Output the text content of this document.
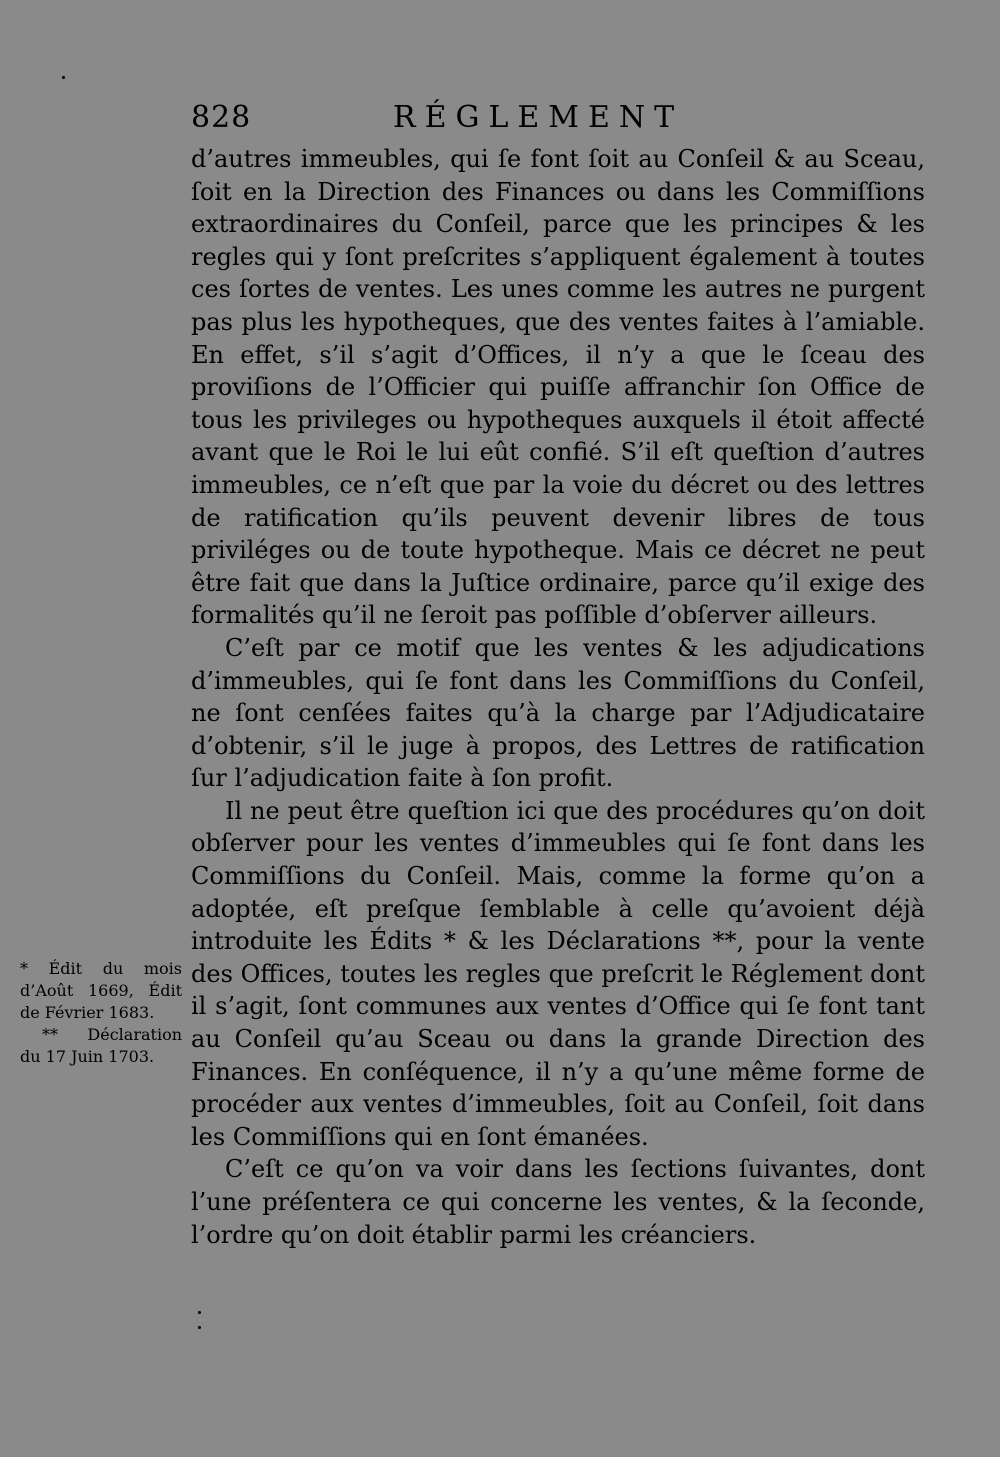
828	RÉGLEMENT

d’autres immeubles, qui ſe font ſoit au Conſeil & au Sceau, ſoit en la Direction des Finances ou dans les Commiſſions extraordinaires du Conſeil, parce que les principes & les regles qui y ſont preſcrites s’appliquent également à toutes ces ſortes de ventes. Les unes comme les autres ne purgent pas plus les hypotheques, que des ventes faites à l’amiable. En effet, s’il s’agit d’Offices, il n’y a que le ſceau des proviſions de l’Officier qui puiſſe affranchir ſon Office de tous les privileges ou hypotheques auxquels il étoit affecté avant que le Roi le lui eût confié. S’il eſt queſtion d’autres immeubles, ce n’eſt que par la voie du décret ou des lettres de ratification qu’ils peuvent devenir libres de tous priviléges ou de toute hypotheque. Mais ce décret ne peut être fait que dans la Juſtice ordinaire, parce qu’il exige des formalités qu’il ne ſeroit pas poſſible d’obſerver ailleurs.

C’eſt par ce motif que les ventes & les adjudications d’immeubles, qui ſe font dans les Commiſſions du Conſeil, ne ſont cenſées faites qu’à la charge par l’Adjudicataire d’obtenir, s’il le juge à propos, des Lettres de ratification ſur l’adjudication faite à ſon profit.

Il ne peut être queſtion ici que des procédures qu’on doit obſerver pour les ventes d’immeubles qui ſe font dans les Commiſſions du Conſeil. Mais, comme la forme qu’on a adoptée, eſt preſque ſemblable à celle qu’avoient déjà introduite les Édits * & les Déclarations **, pour la vente des Offices, toutes les regles que preſcrit le Réglement dont il s’agit, ſont communes aux ventes d’Office qui ſe font tant au Conſeil qu’au Sceau ou dans la grande Direction des Finances. En conſéquence, il n’y a qu’une même forme de procéder aux ventes d’immeubles, ſoit au Conſeil, ſoit dans les Commiſſions qui en ſont émanées.

C’eſt ce qu’on va voir dans les ſections ſuivantes, dont l’une préſentera ce qui concerne les ventes, & la ſeconde, l’ordre qu’on doit établir parmi les créanciers.

* Édit du mois d’Août 1669, Édit de Février 1683.

** Déclaration du 17 Juin 1703.
